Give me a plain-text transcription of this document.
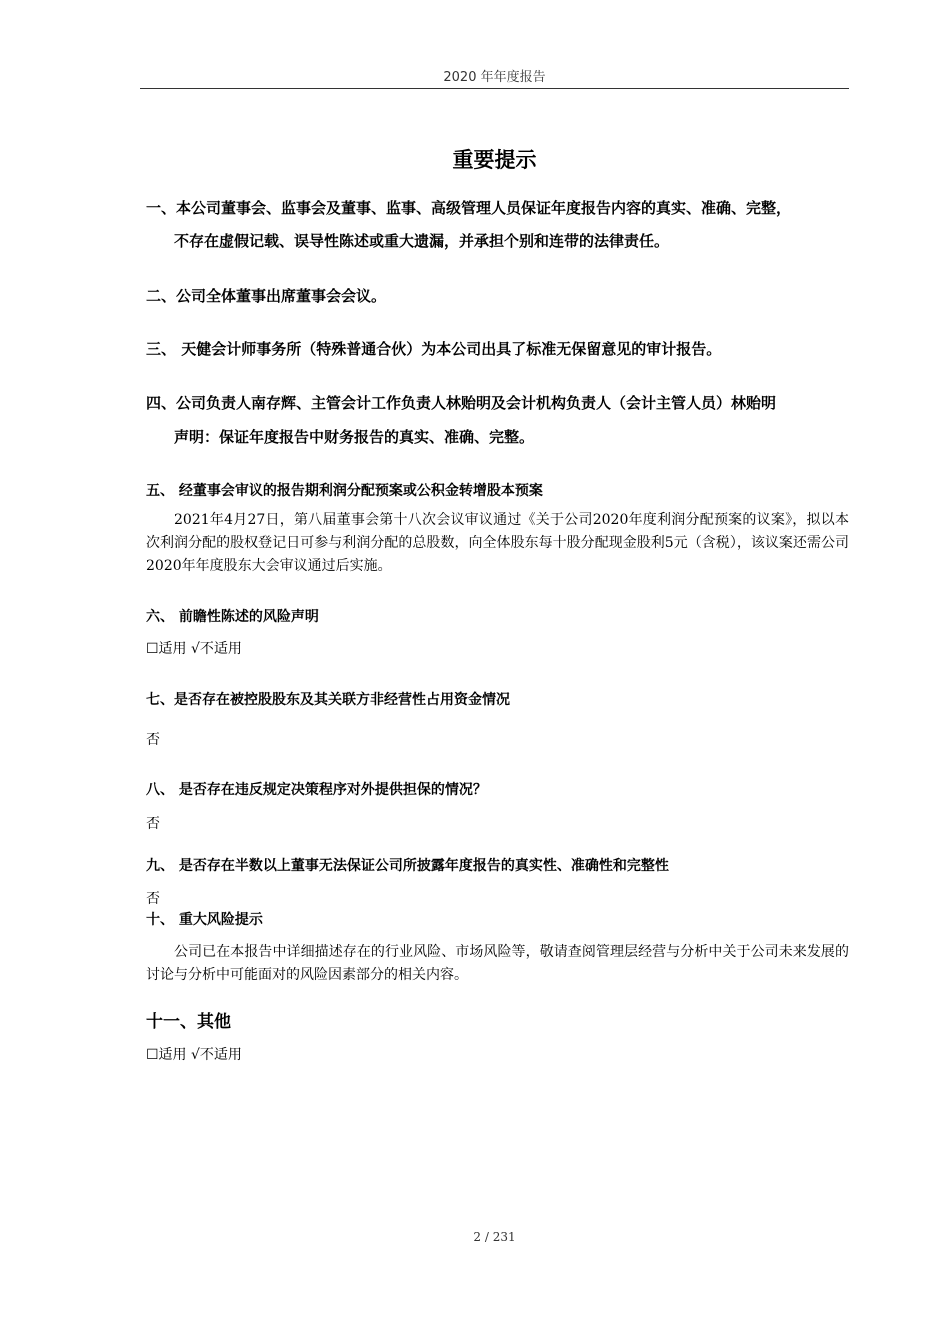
2020 年年度报告
重要提示
一、本公司董事会、监事会及董事、监事、高级管理人员保证年度报告内容的真实、准确、完整，
不存在虚假记载、误导性陈述或重大遗漏，并承担个别和连带的法律责任。
二、公司全体董事出席董事会会议。
三、 天健会计师事务所（特殊普通合伙）为本公司出具了标准无保留意见的审计报告。
四、公司负责人南存辉、主管会计工作负责人林贻明及会计机构负责人（会计主管人员）林贻明
声明：保证年度报告中财务报告的真实、准确、完整。
五、 经董事会审议的报告期利润分配预案或公积金转增股本预案
2021年4月27日，第八届董事会第十八次会议审议通过《关于公司2020年度利润分配预案的议案》，拟以本次利润分配的股权登记日可参与利润分配的总股数，向全体股东每十股分配现金股利5元（含税），该议案还需公司2020年年度股东大会审议通过后实施。
六、 前瞻性陈述的风险声明
☐适用 √不适用
七、是否存在被控股股东及其关联方非经营性占用资金情况
否
八、 是否存在违反规定决策程序对外提供担保的情况？
否
九、 是否存在半数以上董事无法保证公司所披露年度报告的真实性、准确性和完整性
否
十、 重大风险提示
公司已在本报告中详细描述存在的行业风险、市场风险等，敬请查阅管理层经营与分析中关于公司未来发展的讨论与分析中可能面对的风险因素部分的相关内容。
十一、其他
☐适用 √不适用
2 / 231
